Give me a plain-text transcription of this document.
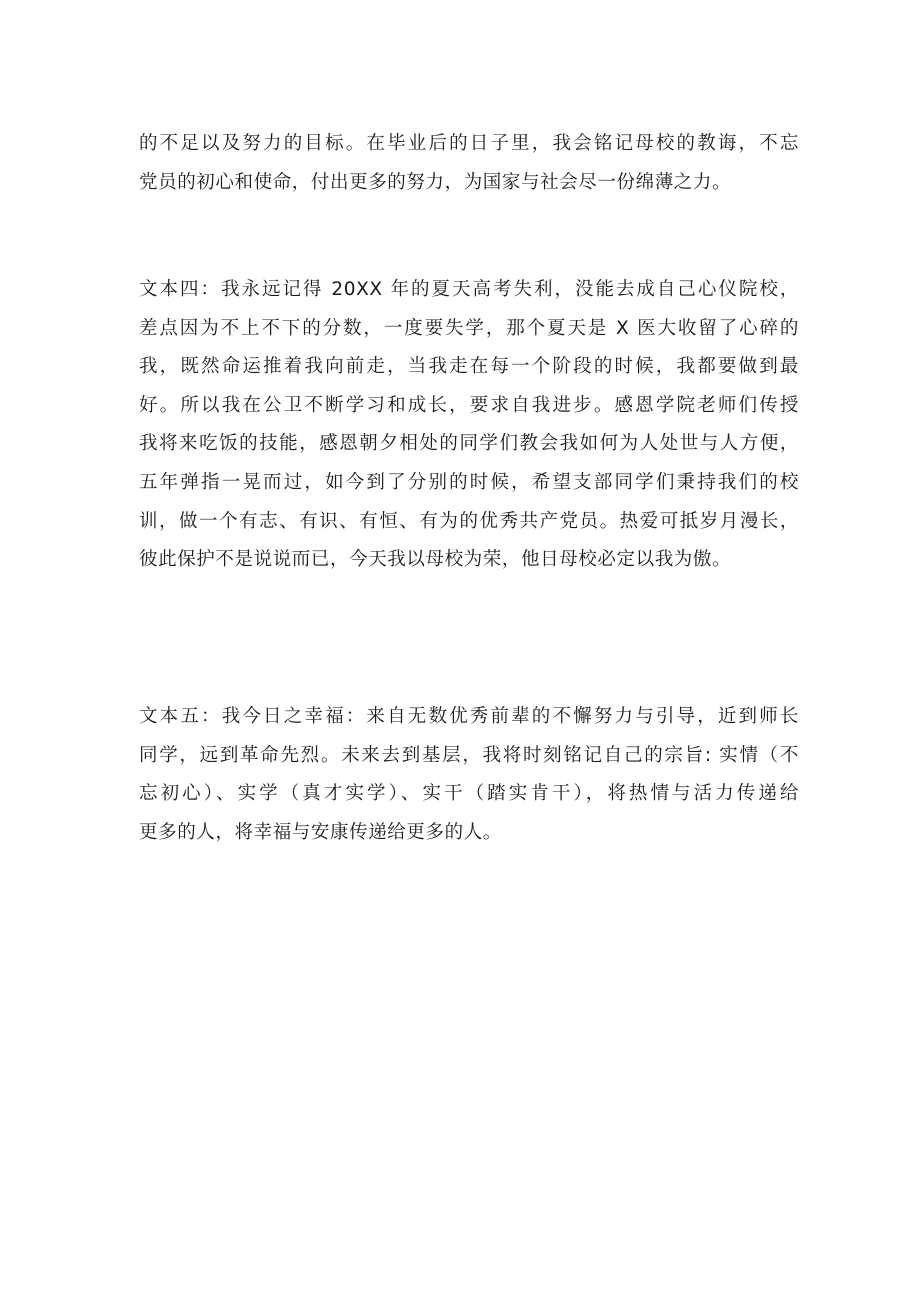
的不足以及努力的目标。在毕业后的日子里，我会铭记母校的教诲，不忘
党员的初心和使命，付出更多的努力，为国家与社会尽一份绵薄之力。
文本四：我永远记得 20XX 年的夏天高考失利，没能去成自己心仪院校，
差点因为不上不下的分数，一度要失学，那个夏天是 X 医大收留了心碎的
我，既然命运推着我向前走，当我走在每一个阶段的时候，我都要做到最
好。所以我在公卫不断学习和成长，要求自我进步。感恩学院老师们传授
我将来吃饭的技能，感恩朝夕相处的同学们教会我如何为人处世与人方便，
五年弹指一晃而过，如今到了分别的时候，希望支部同学们秉持我们的校
训，做一个有志、有识、有恒、有为的优秀共产党员。热爱可抵岁月漫长，
彼此保护不是说说而已，今天我以母校为荣，他日母校必定以我为傲。
文本五：我今日之幸福：来自无数优秀前辈的不懈努力与引导，近到师长
同学，远到革命先烈。未来去到基层，我将时刻铭记自己的宗旨: 实情（不
忘初心）、实学（真才实学）、实干（踏实肯干），将热情与活力传递给
更多的人，将幸福与安康传递给更多的人。
